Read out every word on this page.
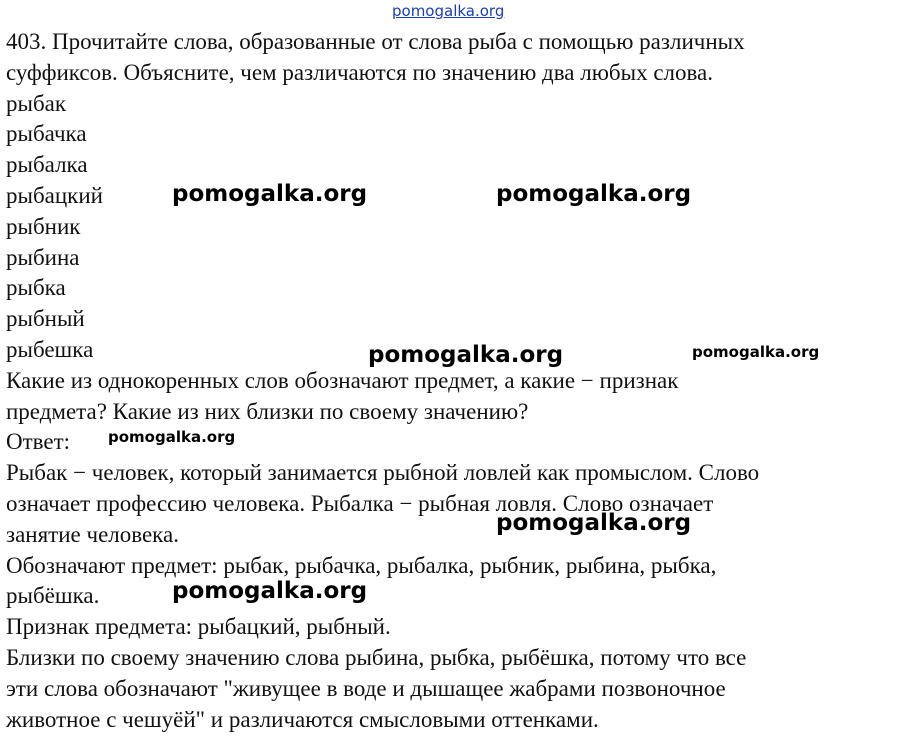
pomogalka.org

403. Прочитайте слова, образованные от слова рыба с помощью различных

суффиксов. Объясните, чем различаются по значению два любых слова.

рыбак

рыбачка

рыбалка

рыбацкий

рыбник

рыбина

рыбка

рыбный

рыбешка

Какие из однокоренных слов обозначают предмет, а какие − признак

предмета? Какие из них близки по своему значению?

Ответ:

Рыбак − человек, который занимается рыбной ловлей как промыслом. Слово

означает профессию человека. Рыбалка − рыбная ловля. Слово означает

занятие человека.

Обозначают предмет: рыбак, рыбачка, рыбалка, рыбник, рыбина, рыбка,

рыбёшка.

Признак предмета: рыбацкий, рыбный.

Близки по своему значению слова рыбина, рыбка, рыбёшка, потому что все

эти слова обозначают "живущее в воде и дышащее жабрами позвоночное

животное с чешуёй" и различаются смысловыми оттенками.

pomogalka.org	pomogalka.org
pomogalka.org	pomogalka.org
pomogalka.org
pomogalka.org
pomogalka.org
